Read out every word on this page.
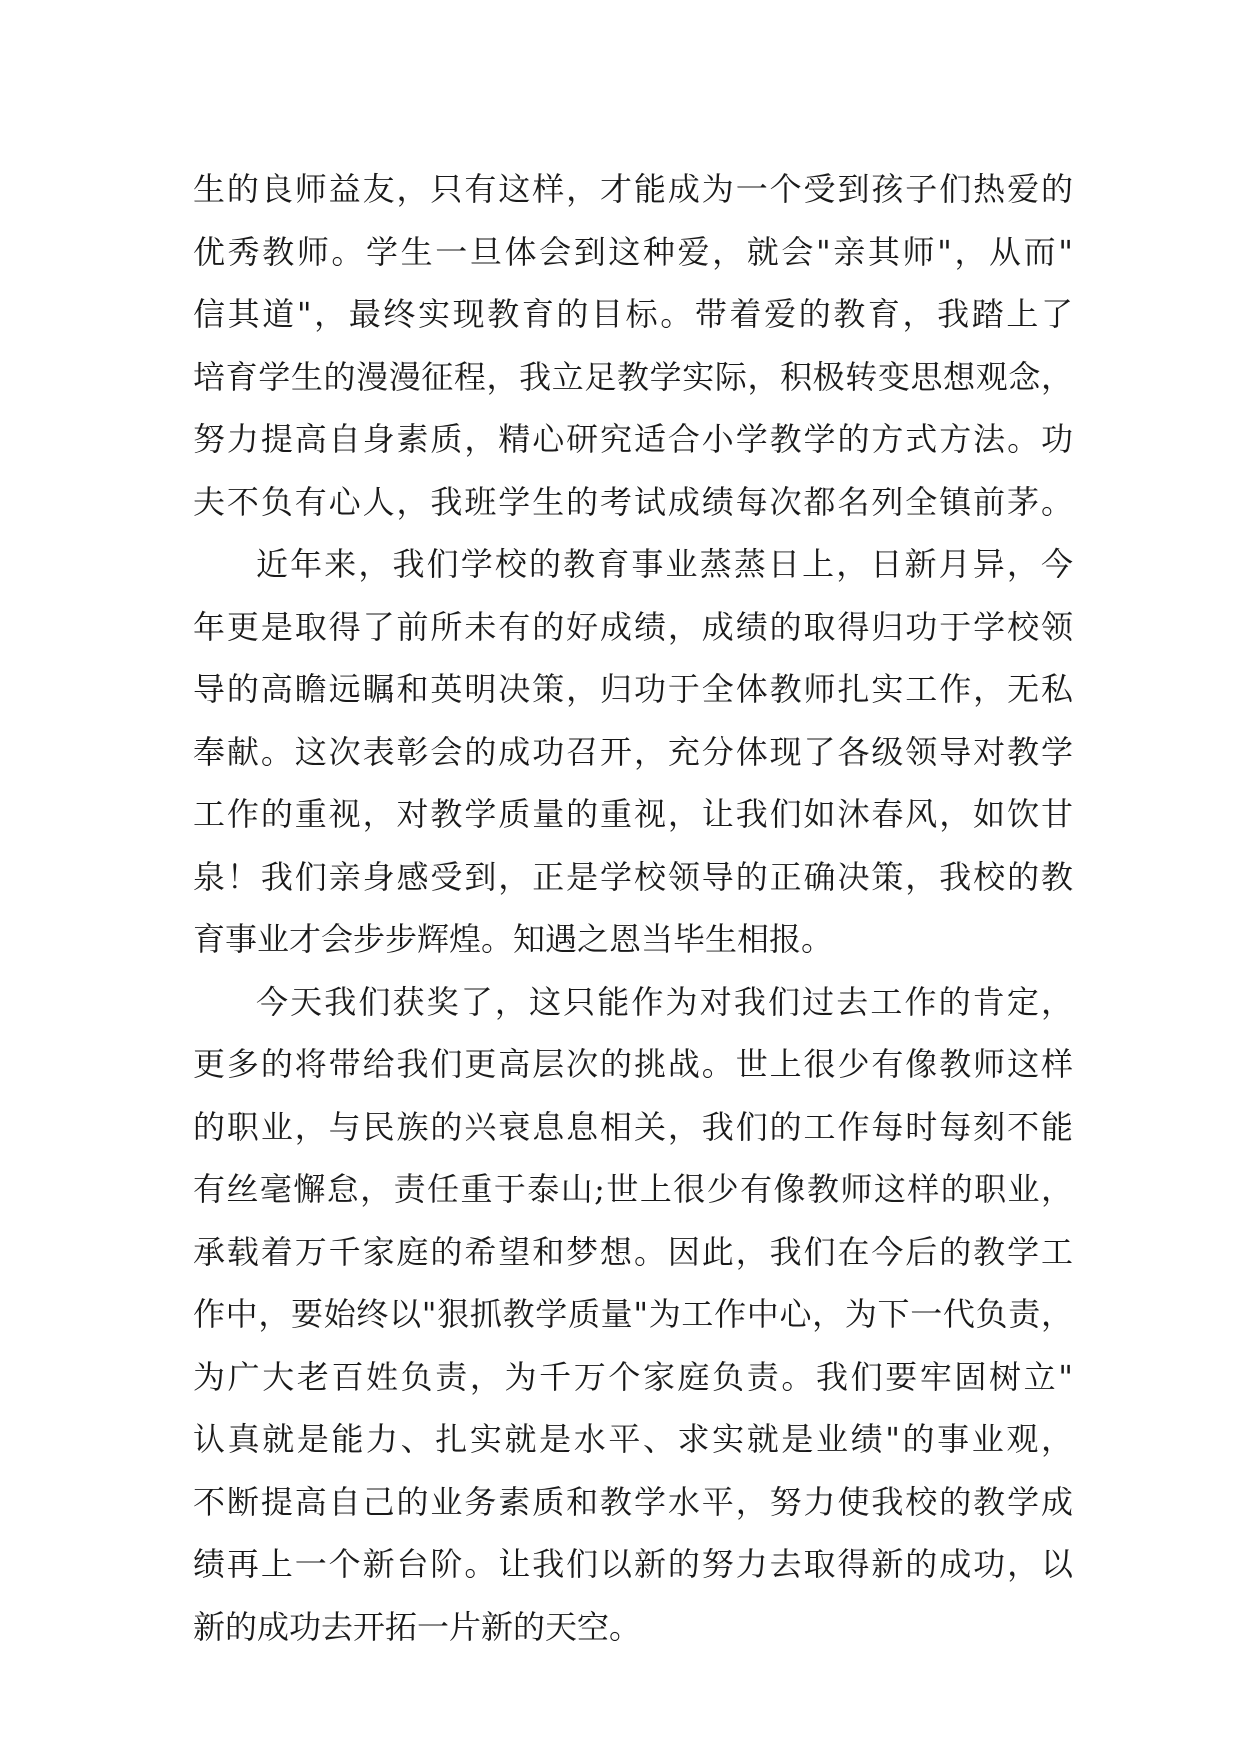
生的良师益友，只有这样，才能成为一个受到孩子们热爱的
优秀教师。学生一旦体会到这种爱，就会"亲其师"，从而"
信其道"，最终实现教育的目标。带着爱的教育，我踏上了
培育学生的漫漫征程，我立足教学实际，积极转变思想观念，
努力提高自身素质，精心研究适合小学教学的方式方法。功
夫不负有心人，我班学生的考试成绩每次都名列全镇前茅。
近年来，我们学校的教育事业蒸蒸日上，日新月异，今
年更是取得了前所未有的好成绩，成绩的取得归功于学校领
导的高瞻远瞩和英明决策，归功于全体教师扎实工作，无私
奉献。这次表彰会的成功召开，充分体现了各级领导对教学
工作的重视，对教学质量的重视，让我们如沐春风，如饮甘
泉！我们亲身感受到，正是学校领导的正确决策，我校的教
育事业才会步步辉煌。知遇之恩当毕生相报。
今天我们获奖了，这只能作为对我们过去工作的肯定，
更多的将带给我们更高层次的挑战。世上很少有像教师这样
的职业，与民族的兴衰息息相关，我们的工作每时每刻不能
有丝毫懈怠，责任重于泰山;世上很少有像教师这样的职业，
承载着万千家庭的希望和梦想。因此，我们在今后的教学工
作中，要始终以"狠抓教学质量"为工作中心，为下一代负责，
为广大老百姓负责，为千万个家庭负责。我们要牢固树立"
认真就是能力、扎实就是水平、求实就是业绩"的事业观，
不断提高自己的业务素质和教学水平，努力使我校的教学成
绩再上一个新台阶。让我们以新的努力去取得新的成功，以
新的成功去开拓一片新的天空。
